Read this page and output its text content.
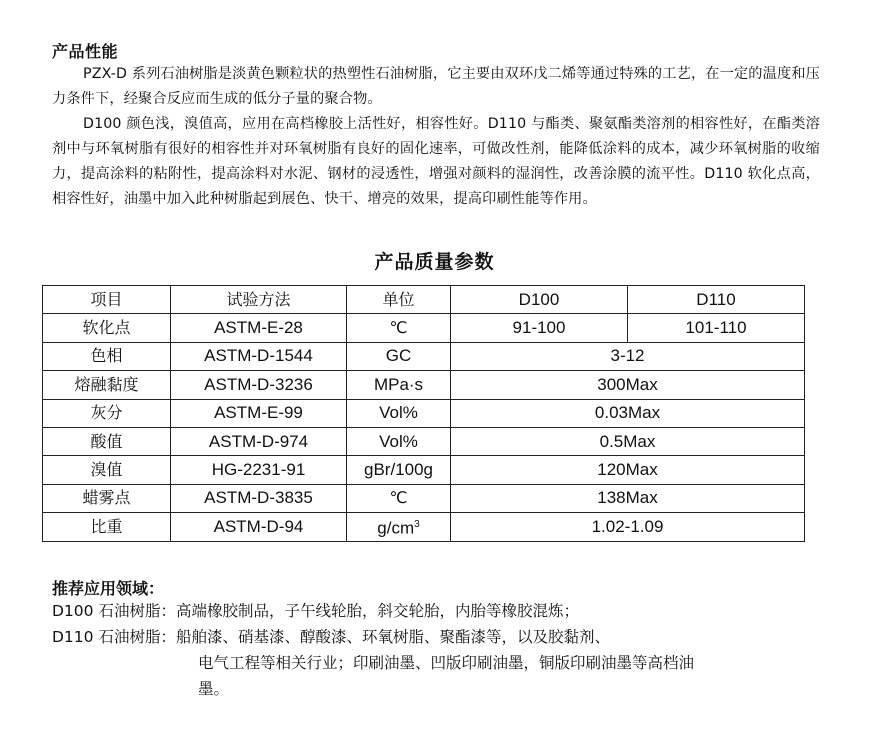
产品性能
PZX-D 系列石油树脂是淡黄色颗粒状的热塑性石油树脂，它主要由双环戊二烯等通过特殊的工艺，在一定的温度和压力条件下，经聚合反应而生成的低分子量的聚合物。
D100 颜色浅，溴值高，应用在高档橡胶上活性好，相容性好。D110 与酯类、聚氨酯类溶剂的相容性好，在酯类溶剂中与环氧树脂有很好的相容性并对环氧树脂有良好的固化速率，可做改性剂，能降低涂料的成本，减少环氧树脂的收缩力，提高涂料的粘附性，提高涂料对水泥、钢材的浸透性，增强对颜料的湿润性，改善涂膜的流平性。D110 软化点高，相容性好，油墨中加入此种树脂起到展色、快干、增亮的效果，提高印刷性能等作用。
产品质量参数
项目	试验方法	单位	D100	D110
软化点	ASTM-E-28	℃	91-100	101-110
色相	ASTM-D-1544	GC	3-12	
熔融黏度	ASTM-D-3236	MPa·s	300Max	
灰分	ASTM-E-99	Vol%	0.03Max	
酸值	ASTM-D-974	Vol%	0.5Max	
溴值	HG-2231-91	gBr/100g	120Max	
蜡雾点	ASTM-D-3835	℃	138Max	
比重	ASTM-D-94	$g/cm^3$	1.02-1.09	
推荐应用领域：
D100 石油树脂：高端橡胶制品，子午线轮胎，斜交轮胎，内胎等橡胶混炼；
D110 石油树脂：船舶漆、硝基漆、醇酸漆、环氧树脂、聚酯漆等，以及胶黏剂、
电气工程等相关行业；印刷油墨、凹版印刷油墨，铜版印刷油墨等高档油
墨。
